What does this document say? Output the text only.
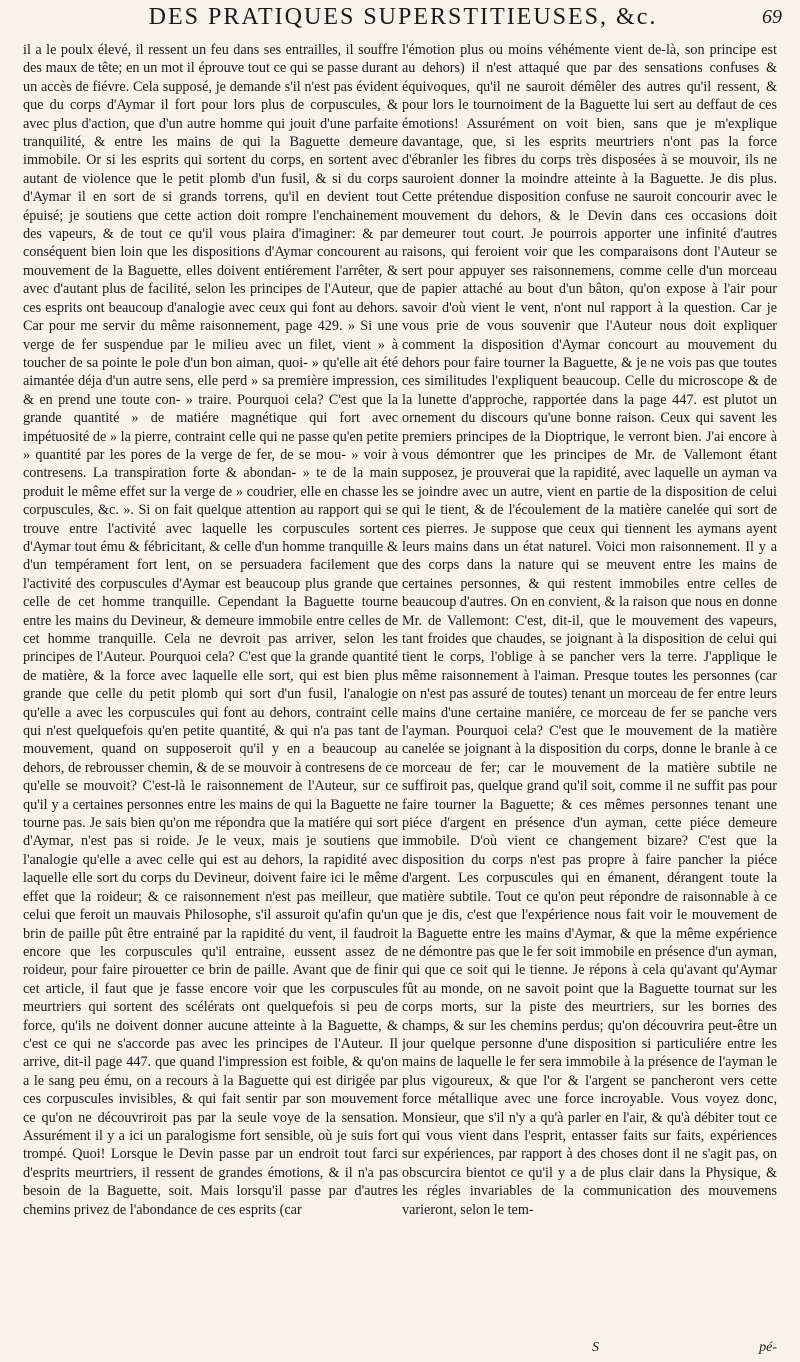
DES PRATIQUES SUPERSTITIEUSES, &c.	69

il a le poulx élevé, il ressent un feu dans ses entrailles, il souffre des maux de tête; en un mot il éprouve tout ce qui se passe durant un accès de fiévre. Cela supposé, je demande s'il n'est pas évident que du corps d'Aymar il fort pour lors plus de corpuscules, & avec plus d'action, que d'un autre homme qui jouit d'une parfaite tranquilité, & entre les mains de qui la Baguette demeure immobile. Or si les esprits qui sortent du corps, en sortent avec autant de violence que le petit plomb d'un fusil, & si du corps d'Aymar il en sort de si grands torrens, qu'il en devient tout épuisé; je soutiens que cette action doit rompre l'enchainement des vapeurs, & de tout ce qu'il vous plaira d'imaginer: & par conséquent bien loin que les dispositions d'Aymar concourent au mouvement de la Baguette, elles doivent entiérement l'arrêter, & avec d'autant plus de facilité, selon les principes de l'Auteur, que ces esprits ont beaucoup d'analogie avec ceux qui font au dehors. Car pour me servir du même raisonnement, page 429. » Si une verge de fer suspendue par le milieu avec un filet, vient » à toucher de sa pointe le pole d'un bon aiman, quoi- » qu'elle ait été aimantée déja d'un autre sens, elle perd » sa première impression, & en prend une toute con- » traire. Pourquoi cela? C'est que la grande quantité » de matiére magnétique qui fort avec impétuosité de » la pierre, contraint celle qui ne passe qu'en petite » quantité par les pores de la verge de fer, de se mou- » voir à contresens. La transpiration forte & abondan- » te de la main produit le même effet sur la verge de » coudrier, elle en chasse les corpuscules, &c. ». Si on fait quelque attention au rapport qui se trouve entre l'activité avec laquelle les corpuscules sortent d'Aymar tout ému & fébricitant, & celle d'un homme tranquille & d'un tempérament fort lent, on se persuadera facilement que l'activité des corpuscules d'Aymar est beaucoup plus grande que celle de cet homme tranquille. Cependant la Baguette tourne entre les mains du Devineur, & demeure immobile entre celles de cet homme tranquille. Cela ne devroit pas arriver, selon les principes de l'Auteur. Pourquoi cela? C'est que la grande quantité de matière, & la force avec laquelle elle sort, qui est bien plus grande que celle du petit plomb qui sort d'un fusil, l'analogie qu'elle a avec les corpuscules qui font au dehors, contraint celle qui n'est quelquefois qu'en petite quantité, & qui n'a pas tant de mouvement, quand on supposeroit qu'il y en a beaucoup au dehors, de rebrousser chemin, & de se mouvoir à contresens de ce qu'elle se mouvoit? C'est-là le raisonnement de l'Auteur, sur ce qu'il y a certaines personnes entre les mains de qui la Baguette ne tourne pas. Je sais bien qu'on me répondra que la matiére qui sort d'Aymar, n'est pas si roide. Je le veux, mais je soutiens que l'analogie qu'elle a avec celle qui est au dehors, la rapidité avec laquelle elle sort du corps du Devineur, doivent faire ici le même effet que la roideur; & ce raisonnement n'est pas meilleur, que celui que feroit un mauvais Philosophe, s'il assuroit qu'afin qu'un brin de paille pût être entrainé par la rapidité du vent, il faudroit encore que les corpuscules qu'il entraine, eussent assez de roideur, pour faire pirouetter ce brin de paille. Avant que de finir cet article, il faut que je fasse encore voir que les corpuscules meurtriers qui sortent des scélérats ont quelquefois si peu de force, qu'ils ne doivent donner aucune atteinte à la Baguette, & c'est ce qui ne s'accorde pas avec les principes de l'Auteur. Il arrive, dit-il page 447. que quand l'impression est foible, & qu'on a le sang peu ému, on a recours à la Baguette qui est dirigée par ces corpuscules invisibles, & qui fait sentir par son mouvement ce qu'on ne découvriroit pas par la seule voye de la sensation. Assurément il y a ici un paralogisme fort sensible, où je suis fort trompé. Quoi! Lorsque le Devin passe par un endroit tout farci d'esprits meurtriers, il ressent de grandes émotions, & il n'a pas besoin de la Baguette, soit. Mais lorsqu'il passe par d'autres chemins privez de l'abondance de ces esprits (car

l'émotion plus ou moins véhémente vient de-là, son principe est au dehors) il n'est attaqué que par des sensations confuses & équivoques, qu'il ne sauroit démêler des autres qu'il ressent, & pour lors le tournoiment de la Baguette lui sert au deffaut de ces émotions! Assurément on voit bien, sans que je m'explique davantage, que, si les esprits meurtriers n'ont pas la force d'ébranler les fibres du corps très disposées à se mouvoir, ils ne sauroient donner la moindre atteinte à la Baguette. Je dis plus. Cette prétendue disposition confuse ne sauroit concourir avec le mouvement du dehors, & le Devin dans ces occasions doit demeurer tout court. Je pourrois apporter une infinité d'autres raisons, qui feroient voir que les comparaisons dont l'Auteur se sert pour appuyer ses raisonnemens, comme celle d'un morceau de papier attaché au bout d'un bâton, qu'on expose à l'air pour savoir d'où vient le vent, n'ont nul rapport à la question. Car je vous prie de vous souvenir que l'Auteur nous doit expliquer comment la disposition d'Aymar concourt au mouvement du dehors pour faire tourner la Baguette, & je ne vois pas que toutes ces similitudes l'expliquent beaucoup. Celle du microscope & de la lunette d'approche, rapportée dans la page 447. est plutot un ornement du discours qu'une bonne raison. Ceux qui savent les premiers principes de la Dioptrique, le verront bien. J'ai encore à vous démontrer que les principes de Mr. de Vallemont étant supposez, je prouverai que la rapidité, avec laquelle un ayman va se joindre avec un autre, vient en partie de la disposition de celui qui le tient, & de l'écoulement de la matière canelée qui sort de ces pierres. Je suppose que ceux qui tiennent les aymans ayent leurs mains dans un état naturel. Voici mon raisonnement. Il y a des corps dans la nature qui se meuvent entre les mains de certaines personnes, & qui restent immobiles entre celles de beaucoup d'autres. On en convient, & la raison que nous en donne Mr. de Vallemont: C'est, dit-il, que le mouvement des vapeurs, tant froides que chaudes, se joignant à la disposition de celui qui tient le corps, l'oblige à se pancher vers la terre. J'applique le même raisonnement à l'aiman. Presque toutes les personnes (car on n'est pas assuré de toutes) tenant un morceau de fer entre leurs mains d'une certaine maniére, ce morceau de fer se panche vers l'ayman. Pourquoi cela? C'est que le mouvement de la matière canelée se joignant à la disposition du corps, donne le branle à ce morceau de fer; car le mouvement de la matière subtile ne suffiroit pas, quelque grand qu'il soit, comme il ne suffit pas pour faire tourner la Baguette; & ces mêmes personnes tenant une piéce d'argent en présence d'un ayman, cette piéce demeure immobile. D'où vient ce changement bizare? C'est que la disposition du corps n'est pas propre à faire pancher la piéce d'argent. Les corpuscules qui en émanent, dérangent toute la matière subtile. Tout ce qu'on peut répondre de raisonnable à ce que je dis, c'est que l'expérience nous fait voir le mouvement de la Baguette entre les mains d'Aymar, & que la même expérience ne démontre pas que le fer soit immobile en présence d'un ayman, qui que ce soit qui le tienne. Je répons à cela qu'avant qu'Aymar fût au monde, on ne savoit point que la Baguette tournat sur les corps morts, sur la piste des meurtriers, sur les bornes des champs, & sur les chemins perdus; qu'on découvrira peut-être un jour quelque personne d'une disposition si particuliére entre les mains de laquelle le fer sera immobile à la présence de l'ayman le plus vigoureux, & que l'or & l'argent se pancheront vers cette force métallique avec une force incroyable. Vous voyez donc, Monsieur, que s'il n'y a qu'à parler en l'air, & qu'à débiter tout ce qui vous vient dans l'esprit, entasser faits sur faits, expériences sur expériences, par rapport à des choses dont il ne s'agit pas, on obscurcira bientot ce qu'il y a de plus clair dans la Physique, & les régles invariables de la communication des mouvemens varieront, selon le tem-

S	pé-
